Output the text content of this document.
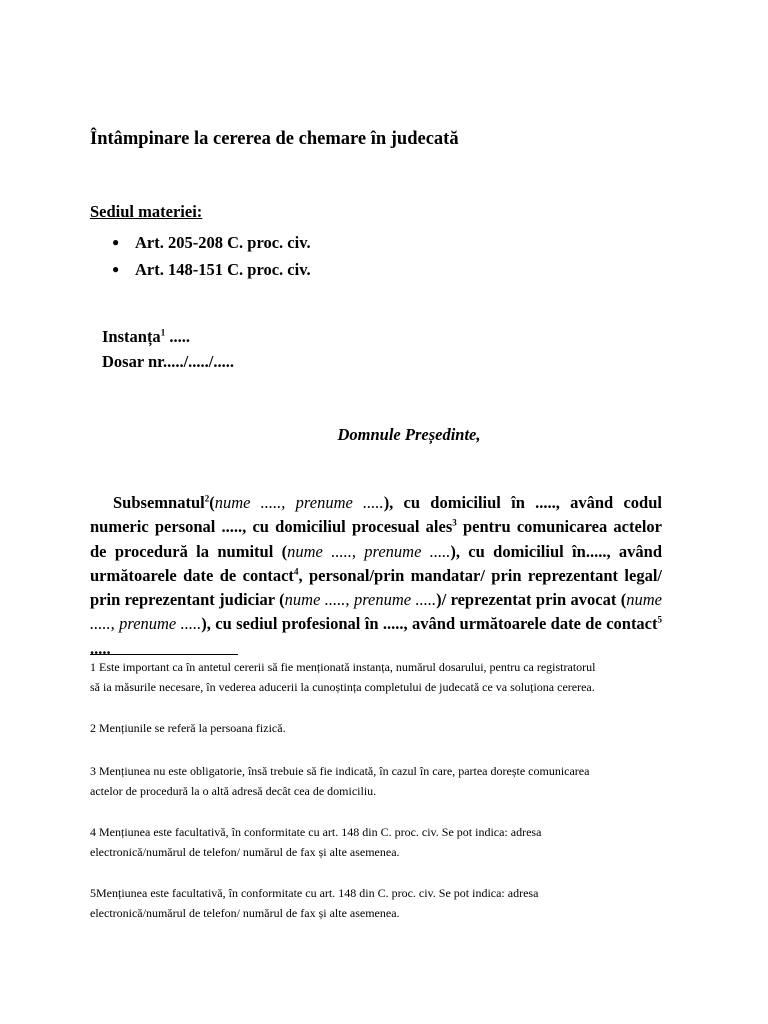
Întâmpinare la cererea de chemare în judecată
Sediul materiei:
● Art. 205-208 C. proc. civ.
● Art. 148-151 C. proc. civ.
Instanța$^1$ .....
Dosar nr...../...../.....
Domnule Președinte,
Subsemnatul$^2$(nume ....., prenume .....), cu domiciliul în ....., având codul numeric personal ....., cu domiciliul procesual ales$^3$ pentru comunicarea actelor de procedură la numitul (nume ....., prenume .....), cu domiciliul în....., având următoarele date de contact$^4$, personal/prin mandatar/ prin reprezentant legal/ prin reprezentant judiciar (nume ....., prenume .....)/ reprezentat prin avocat (nume ....., prenume .....), cu sediul profesional în ....., având următoarele date de contact$^5$ .....
1 Este important ca în antetul cererii să fie menționată instanța, numărul dosarului, pentru ca registratorul
să ia măsurile necesare, în vederea aducerii la cunoștința completului de judecată ce va soluționa cererea.
2 Mențiunile se referă la persoana fizică.
3 Mențiunea nu este obligatorie, însă trebuie să fie indicată, în cazul în care, partea dorește comunicarea
actelor de procedură la o altă adresă decât cea de domiciliu.
4 Mențiunea este facultativă, în conformitate cu art. 148 din C. proc. civ. Se pot indica: adresa
electronică/numărul de telefon/ numărul de fax și alte asemenea.
5Mențiunea este facultativă, în conformitate cu art. 148 din C. proc. civ. Se pot indica: adresa
electronică/numărul de telefon/ numărul de fax și alte asemenea.
